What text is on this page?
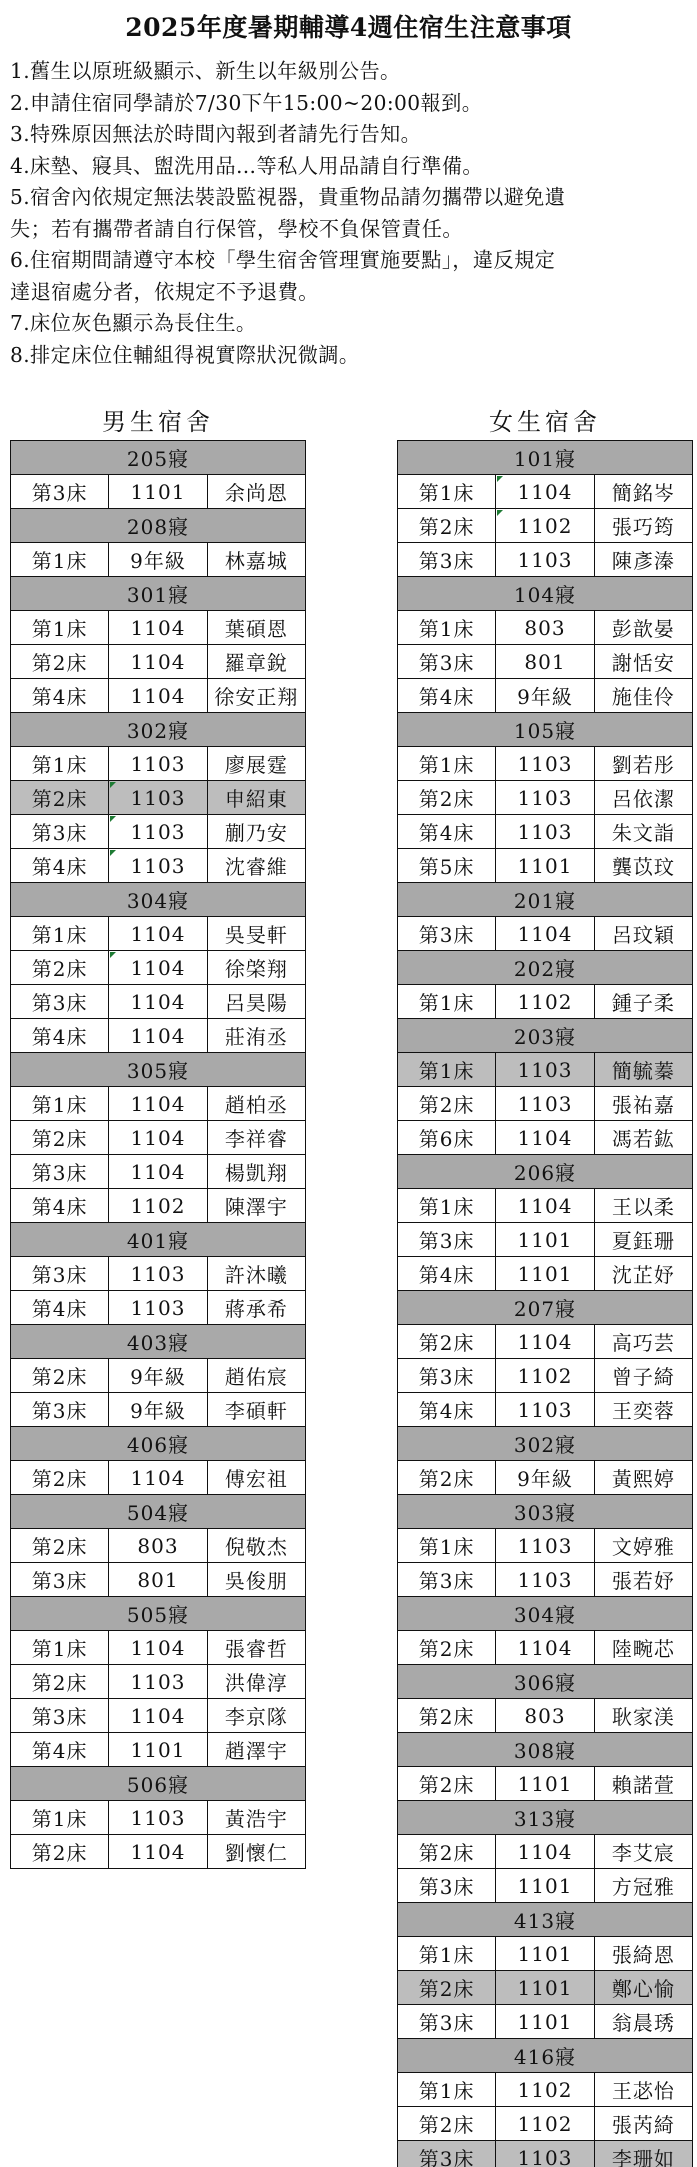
2025年度暑期輔導4週住宿生注意事項
1.舊生以原班級顯示、新生以年級別公告。
2.申請住宿同學請於7/30下午15:00~20:00報到。
3.特殊原因無法於時間內報到者請先行告知。
4.床墊、寢具、盥洗用品…等私人用品請自行準備。
5.宿舍內依規定無法裝設監視器，貴重物品請勿攜帶以避免遺
失；若有攜帶者請自行保管，學校不負保管責任。
6.住宿期間請遵守本校「學生宿舍管理實施要點」，違反規定
達退宿處分者，依規定不予退費。
7.床位灰色顯示為長住生。
8.排定床位住輔組得視實際狀況微調。
男生宿舍
205寢		
第3床	1101	余尚恩
208寢		
第1床	9年級	林嘉城
301寢		
第1床	1104	葉碩恩
第2床	1104	羅章銳
第4床	1104	徐安正翔
302寢		
第1床	1103	廖展霆
第2床	1103	申紹東
第3床	1103	蒯乃安
第4床	1103	沈睿維
304寢		
第1床	1104	吳旻軒
第2床	1104	徐棨翔
第3床	1104	呂昊陽
第4床	1104	莊洧丞
305寢		
第1床	1104	趙柏丞
第2床	1104	李祥睿
第3床	1104	楊凱翔
第4床	1102	陳澤宇
401寢		
第3床	1103	許沐曦
第4床	1103	蔣承希
403寢		
第2床	9年級	趙佑宸
第3床	9年級	李碩軒
406寢		
第2床	1104	傅宏祖
504寢		
第2床	803	倪敬杰
第3床	801	吳俊朋
505寢		
第1床	1104	張睿哲
第2床	1103	洪偉淳
第3床	1104	李京隊
第4床	1101	趙澤宇
506寢		
第1床	1103	黃浩宇
第2床	1104	劉懷仁
女生宿舍
101寢		
第1床	1104	簡銘岑
第2床	1102	張巧筠
第3床	1103	陳彥溱
104寢		
第1床	803	彭歆晏
第3床	801	謝恬安
第4床	9年級	施佳伶
105寢		
第1床	1103	劉若彤
第2床	1103	呂依潔
第4床	1103	朱文詣
第5床	1101	龔苡玟
201寢		
第3床	1104	呂玟穎
202寢		
第1床	1102	鍾子柔
203寢		
第1床	1103	簡毓蓁
第2床	1103	張祐嘉
第6床	1104	馮若鈜
206寢		
第1床	1104	王以柔
第3床	1101	夏鈺珊
第4床	1101	沈芷妤
207寢		
第2床	1104	高巧芸
第3床	1102	曾子綺
第4床	1103	王奕蓉
302寢		
第2床	9年級	黃熙婷
303寢		
第1床	1103	文婷雅
第3床	1103	張若妤
304寢		
第2床	1104	陸畹芯
306寢		
第2床	803	耿家渼
308寢		
第2床	1101	賴諾萱
313寢		
第2床	1104	李艾宸
第3床	1101	方冠雅
413寢		
第1床	1101	張綺恩
第2床	1101	鄭心愉
第3床	1101	翁晨琇
416寢		
第1床	1102	王苾怡
第2床	1102	張芮綺
第3床	1103	李珊如
